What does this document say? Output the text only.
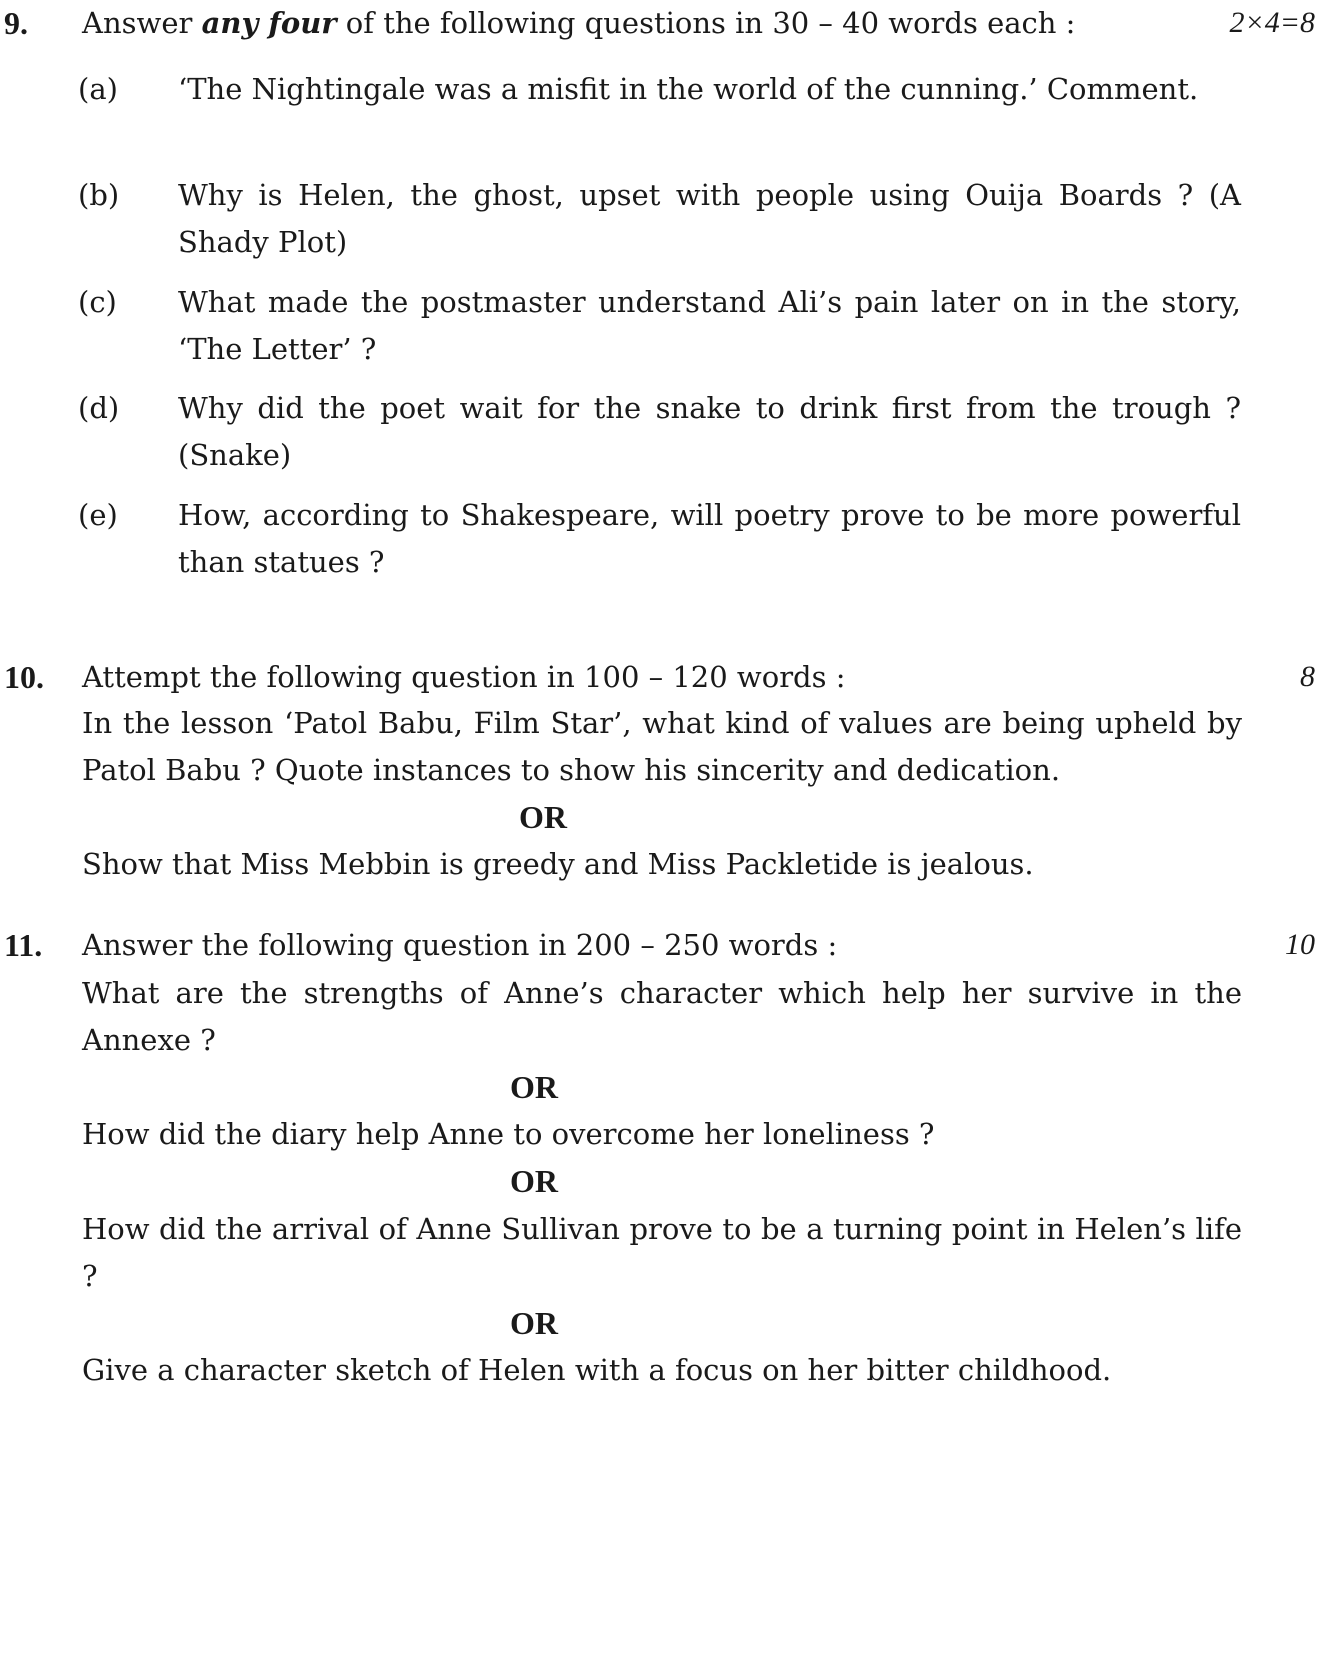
9. Answer any four of the following questions in 30 – 40 words each :	2×4=8
(a) ‘The Nightingale was a misfit in the world of the cunning.’ Comment.
(b) Why is Helen, the ghost, upset with people using Ouija Boards ? (A Shady Plot)
(c) What made the postmaster understand Ali’s pain later on in the story, ‘The Letter’ ?
(d) Why did the poet wait for the snake to drink first from the trough ? (Snake)
(e) How, according to Shakespeare, will poetry prove to be more powerful than statues ?
10. Attempt the following question in 100 – 120 words :	8
In the lesson ‘Patol Babu, Film Star’, what kind of values are being upheld by Patol Babu ? Quote instances to show his sincerity and dedication.
OR
Show that Miss Mebbin is greedy and Miss Packletide is jealous.
11. Answer the following question in 200 – 250 words :	10
What are the strengths of Anne’s character which help her survive in the Annexe ?
OR
How did the diary help Anne to overcome her loneliness ?
OR
How did the arrival of Anne Sullivan prove to be a turning point in Helen’s life ?
OR
Give a character sketch of Helen with a focus on her bitter childhood.
